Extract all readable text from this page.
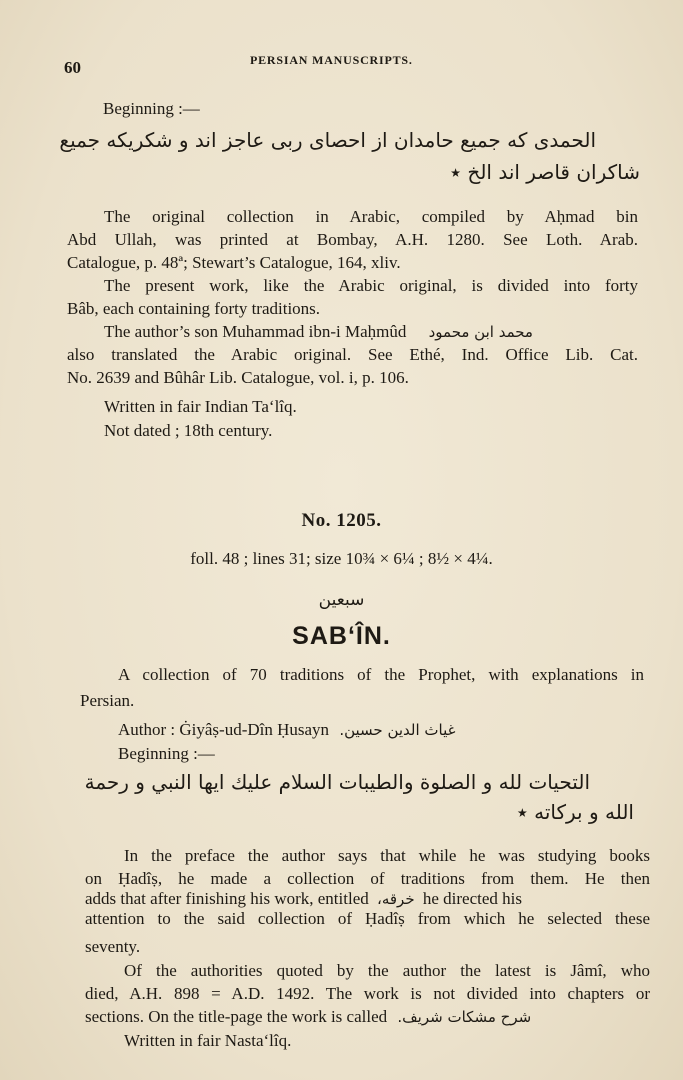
60	PERSIAN MANUSCRIPTS.
Beginning :—
الحمدى كه جميع حامدان از احصاى ربى عاجز اند و شكريكه جميع
شاكران قاصر اند الخ ٭
The original collection in Arabic, compiled by Aḥmad bin
Abd Ullah, was printed at Bombay, A.H. 1280. See Loth. Arab.
Catalogue, p. 48ª; Stewart’s Catalogue, 164, xliv.
The present work, like the Arabic original, is divided into forty
Bâb, each containing forty traditions.
The author’s son Muhammad ibn-i Maḥmûd محمد ابن محمود
also translated the Arabic original. See Ethé, Ind. Office Lib. Cat.
No. 2639 and Bûhâr Lib. Catalogue, vol. i, p. 106.
Written in fair Indian Ta‘lîq.
Not dated ; 18th century.
No. 1205.
foll. 48 ; lines 31; size 10¾ × 6¼ ; 8½ × 4¼.
سبعين
SAB‘ÎN.
A collection of 70 traditions of the Prophet, with explanations in
Persian.
Author : Ġiyâṣ-ud-Dîn Ḥusayn غياث الدين حسين.
Beginning :—
التحيات لله و الصلوة والطيبات السلام عليك ايها النبي و رحمة
الله و بركاته ٭
In the preface the author says that while he was studying books
on Ḥadîṣ, he made a collection of traditions from them. He then
adds that after finishing his work, entitled خرقه، he directed his
attention to the said collection of Ḥadîṣ from which he selected these
seventy.
Of the authorities quoted by the author the latest is Jâmî, who
died, A.H. 898 = A.D. 1492. The work is not divided into chapters or
sections. On the title-page the work is called شرح مشكات شريف.
Written in fair Nasta‘lîq.
